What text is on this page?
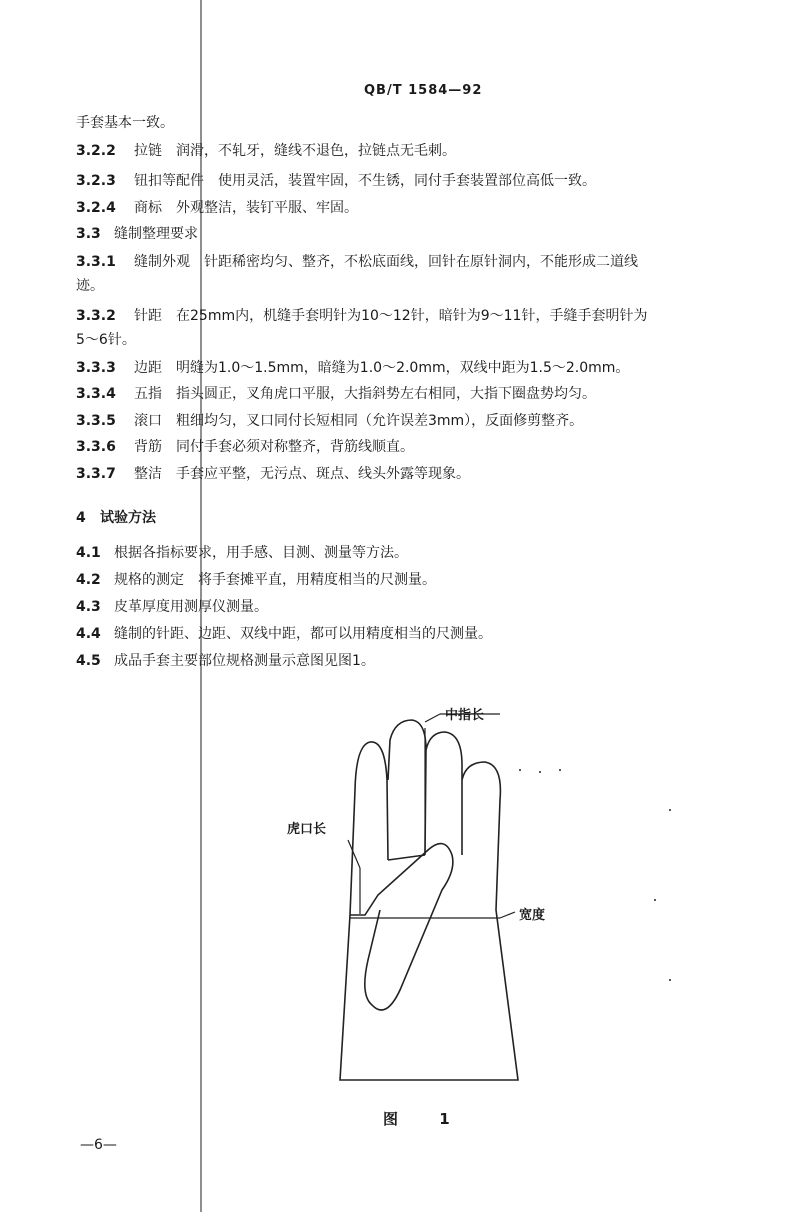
QB/T 1584—92
手套基本一致。
3.2.2 拉链　润滑，不轧牙，缝线不退色，拉链点无毛刺。
3.2.3 钮扣等配件　使用灵活，装置牢固，不生锈，同付手套装置部位高低一致。
3.2.4 商标　外观整洁，装钉平服、牢固。
3.3 缝制整理要求
3.3.1 缝制外观　针距稀密均匀、整齐，不松底面线，回针在原针洞内，不能形成二道线
迹。
3.3.2 针距　在25mm内，机缝手套明针为10～12针，暗针为9～11针，手缝手套明针为
5～6针。
3.3.3 边距　明缝为1.0～1.5mm，暗缝为1.0～2.0mm，双线中距为1.5～2.0mm。
3.3.4 五指　指头圆正，叉角虎口平服，大指斜势左右相同，大指下圈盘势均匀。
3.3.5 滚口　粗细均匀，叉口同付长短相同（允许误差3mm），反面修剪整齐。
3.3.6 背筋　同付手套必须对称整齐，背筋线顺直。
3.3.7 整洁　手套应平整，无污点、斑点、线头外露等现象。
4 试验方法
4.1 根据各指标要求，用手感、目测、测量等方法。
4.2 规格的测定　将手套摊平直，用精度相当的尺测量。
4.3 皮革厚度用测厚仪测量。
4.4 缝制的针距、边距、双线中距，都可以用精度相当的尺测量。
4.5 成品手套主要部位规格测量示意图见图1。
中指长
虎口长
宽度
图 1
—6—
